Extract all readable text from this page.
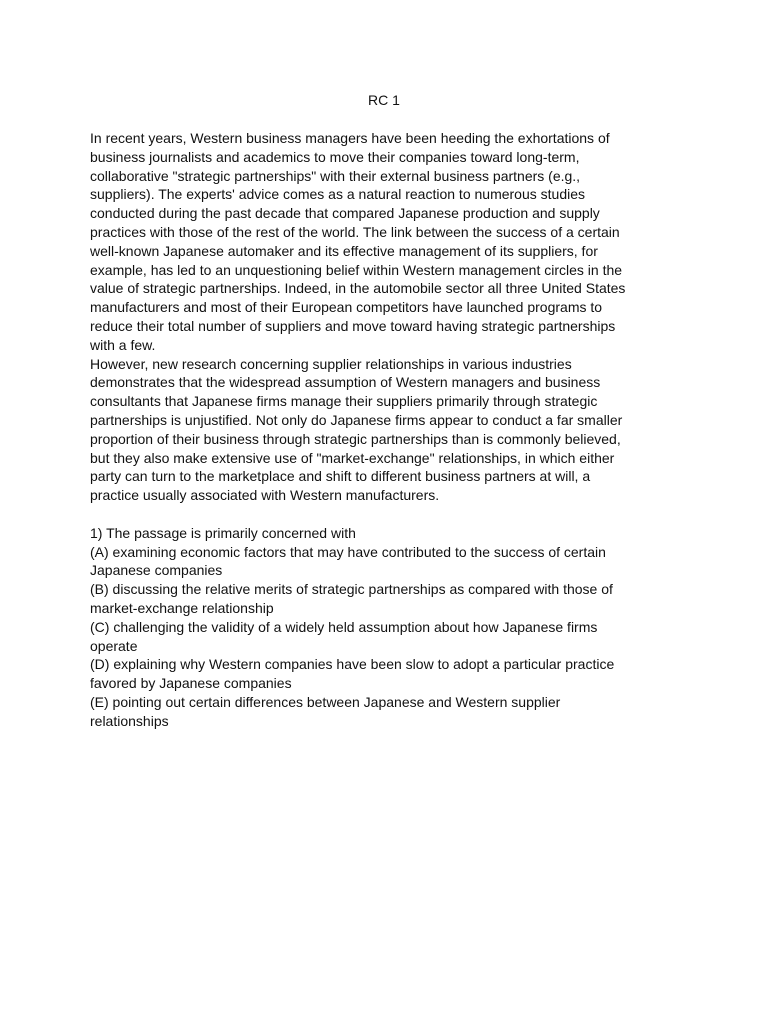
RC 1

In recent years, Western business managers have been heeding the exhortations of business journalists and academics to move their companies toward long-term, collaborative "strategic partnerships" with their external business partners (e.g., suppliers). The experts' advice comes as a natural reaction to numerous studies conducted during the past decade that compared Japanese production and supply practices with those of the rest of the world. The link between the success of a certain well-known Japanese automaker and its effective management of its suppliers, for example, has led to an unquestioning belief within Western management circles in the value of strategic partnerships. Indeed, in the automobile sector all three United States manufacturers and most of their European competitors have launched programs to reduce their total number of suppliers and move toward having strategic partnerships with a few.

However, new research concerning supplier relationships in various industries demonstrates that the widespread assumption of Western managers and business consultants that Japanese firms manage their suppliers primarily through strategic partnerships is unjustified. Not only do Japanese firms appear to conduct a far smaller proportion of their business through strategic partnerships than is commonly believed, but they also make extensive use of "market-exchange" relationships, in which either party can turn to the marketplace and shift to different business partners at will, a practice usually associated with Western manufacturers.

1) The passage is primarily concerned with
(A) examining economic factors that may have contributed to the success of certain Japanese companies
(B) discussing the relative merits of strategic partnerships as compared with those of market-exchange relationship
(C) challenging the validity of a widely held assumption about how Japanese firms operate
(D) explaining why Western companies have been slow to adopt a particular practice favored by Japanese companies
(E) pointing out certain differences between Japanese and Western supplier relationships
